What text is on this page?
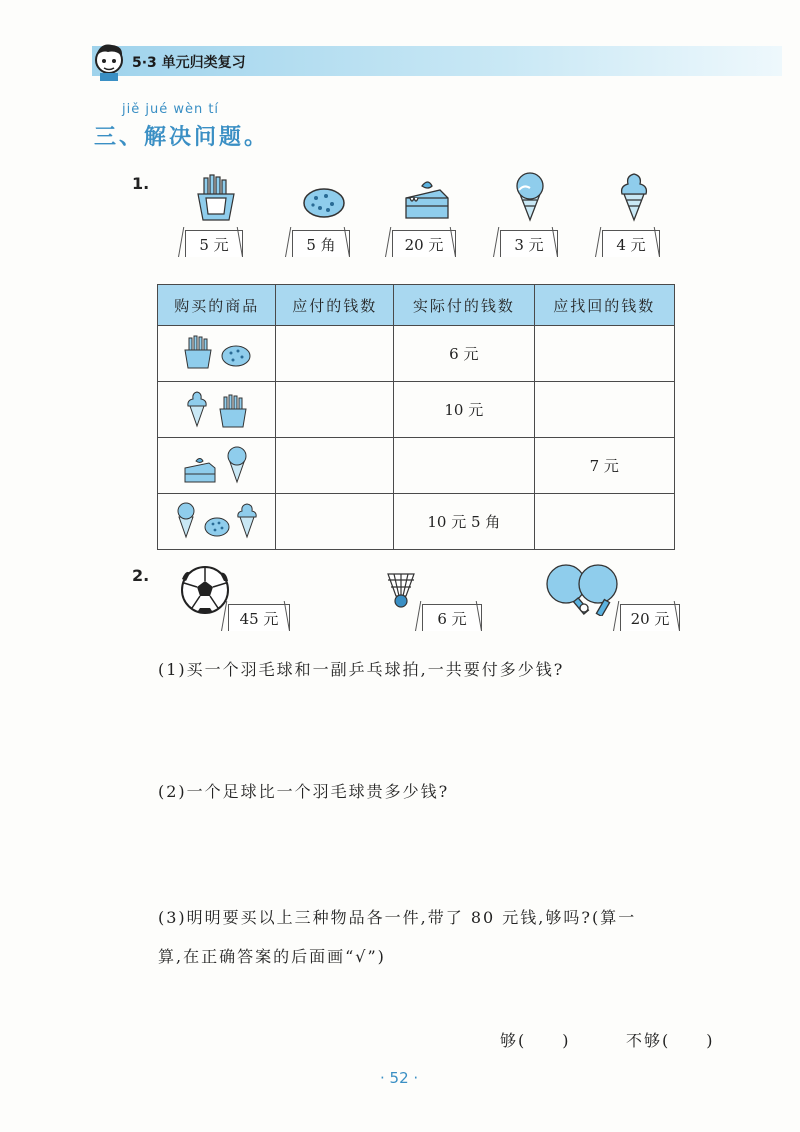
5·3 单元归类复习
jiě jué wèn tí
三、解决问题。
1.
5 元	5 角	20 元	3 元	4 元
购买的商品	应付的钱数	实际付的钱数	应找回的钱数
		6 元	
		10 元	
			7 元
		10 元 5 角	
2.
45 元	6 元	20 元
(1)买一个羽毛球和一副乒乓球拍,一共要付多少钱?
(2)一个足球比一个羽毛球贵多少钱?
(3)明明要买以上三种物品各一件,带了 80 元钱,够吗?(算一
算,在正确答案的后面画“√”)
够(　　)	不够(　　)
· 52 ·
